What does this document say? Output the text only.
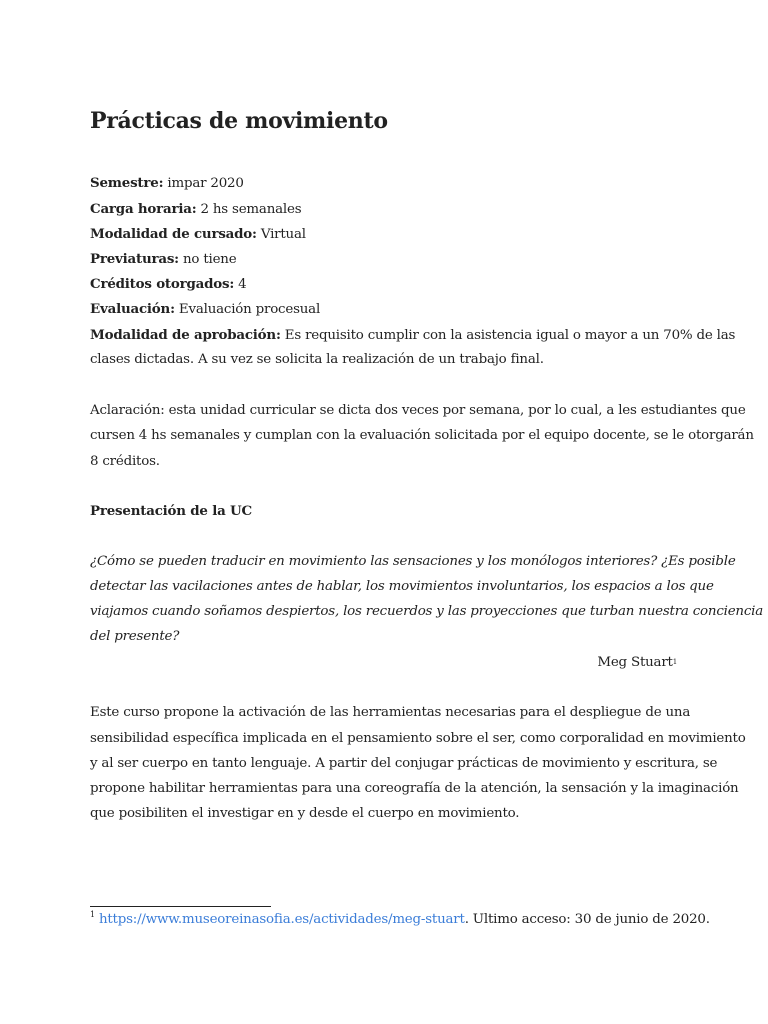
Prácticas de movimiento
Semestre: impar 2020
Carga horaria: 2 hs semanales
Modalidad de cursado: Virtual
Previaturas: no tiene
Créditos otorgados: 4
Evaluación: Evaluación procesual
Modalidad de aprobación: Es requisito cumplir con la asistencia igual o mayor a un 70% de las
clases dictadas. A su vez se solicita la realización de un trabajo final.
Aclaración: esta unidad curricular se dicta dos veces por semana, por lo cual, a les estudiantes que
cursen 4 hs semanales y cumplan con la evaluación solicitada por el equipo docente, se le otorgarán
8 créditos.
Presentación de la UC
¿Cómo se pueden traducir en movimiento las sensaciones y los monólogos interiores? ¿Es posible
detectar las vacilaciones antes de hablar, los movimientos involuntarios, los espacios a los que
viajamos cuando soñamos despiertos, los recuerdos y las proyecciones que turban nuestra conciencia
del presente?
Meg Stuart$^1$
Este curso propone la activación de las herramientas necesarias para el despliegue de una
sensibilidad específica implicada en el pensamiento sobre el ser, como corporalidad en movimiento
y al ser cuerpo en tanto lenguaje. A partir del conjugar prácticas de movimiento y escritura, se
propone habilitar herramientas para una coreografía de la atención, la sensación y la imaginación
que posibiliten el investigar en y desde el cuerpo en movimiento.
$^1$ https://www.museoreinasofia.es/actividades/meg-stuart. Ultimo acceso: 30 de junio de 2020.
